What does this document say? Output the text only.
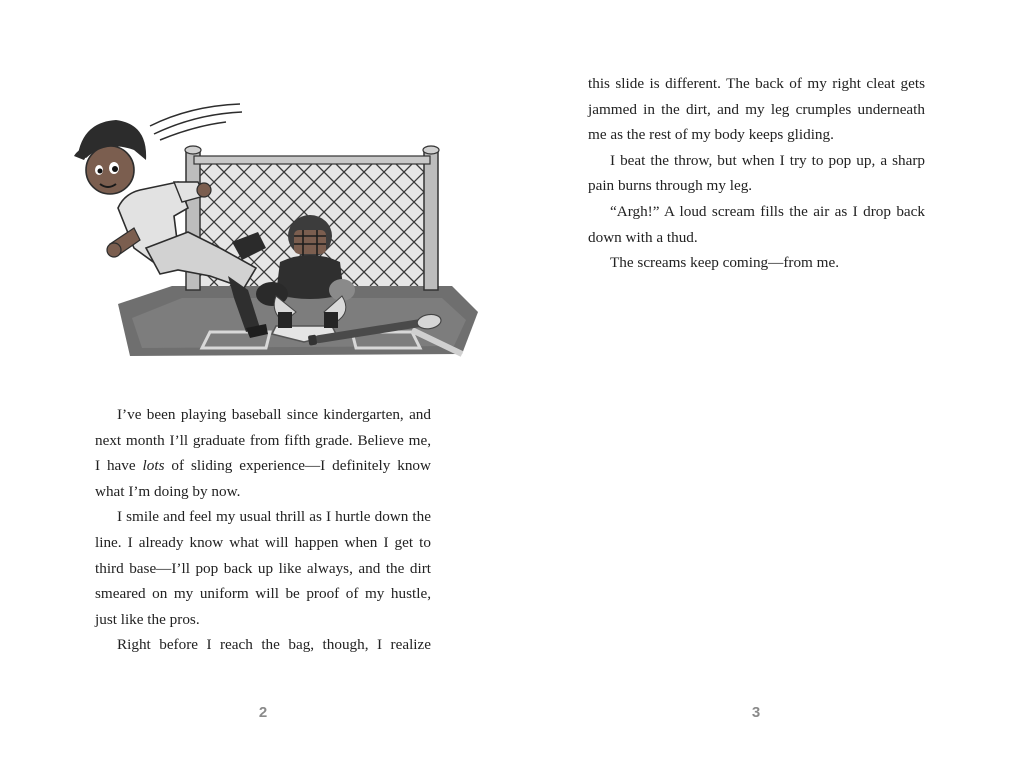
I’ve been playing baseball since kindergarten, and next month I’ll graduate from fifth grade. Believe me, I have lots of sliding experience—I definitely know what I’m doing by now.

I smile and feel my usual thrill as I hurtle down the line. I already know what will happen when I get to third base—I’ll pop back up like always, and the dirt smeared on my uniform will be proof of my hustle, just like the pros.

Right before I reach the bag, though, I realize

2

this slide is different. The back of my right cleat gets jammed in the dirt, and my leg crumples underneath me as the rest of my body keeps gliding.

I beat the throw, but when I try to pop up, a sharp pain burns through my leg.

“Argh!” A loud scream fills the air as I drop back down with a thud.

The screams keep coming—from me.

3
